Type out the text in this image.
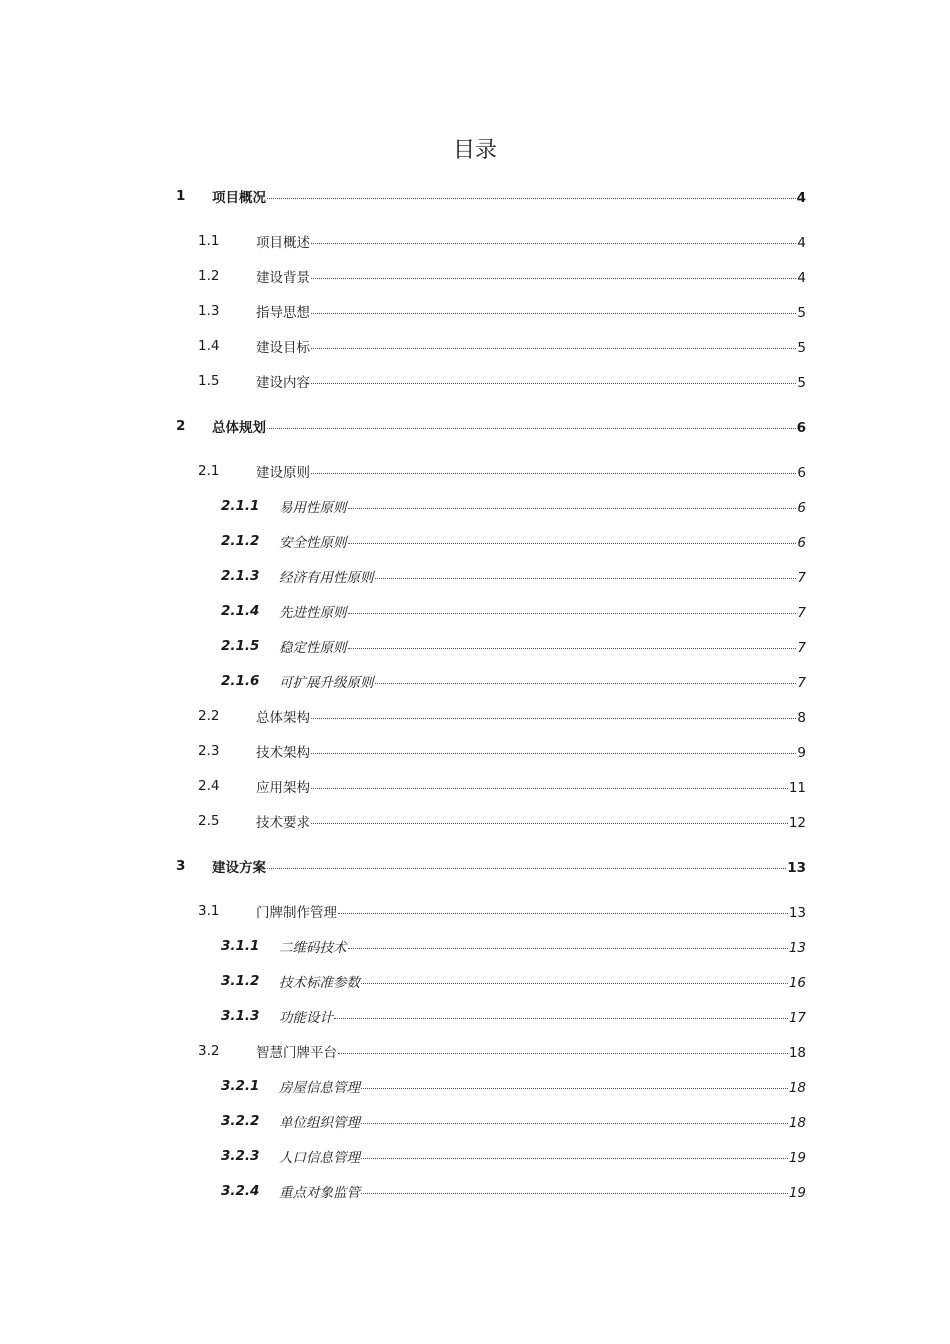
目录
1 项目概况	4
1.1	项目概述	4
1.2	建设背景	4
1.3	指导思想	5
1.4	建设目标	5
1.5	建设内容	5
2 总体规划	6
2.1	建设原则	6
2.1.1 易用性原则	6
2.1.2 安全性原则	6
2.1.3 经济有用性原则	7
2.1.4 先进性原则	7
2.1.5 稳定性原则	7
2.1.6 可扩展升级原则	7
2.2	总体架构	8
2.3	技术架构	9
2.4	应用架构	11
2.5	技术要求	12
3 建设方案	13
3.1	门牌制作管理	13
3.1.1 二维码技术	13
3.1.2 技术标准参数	16
3.1.3 功能设计	17
3.2	智慧门牌平台	18
3.2.1 房屋信息管理	18
3.2.2 单位组织管理	18
3.2.3 人口信息管理	19
3.2.4 重点对象监管	19
